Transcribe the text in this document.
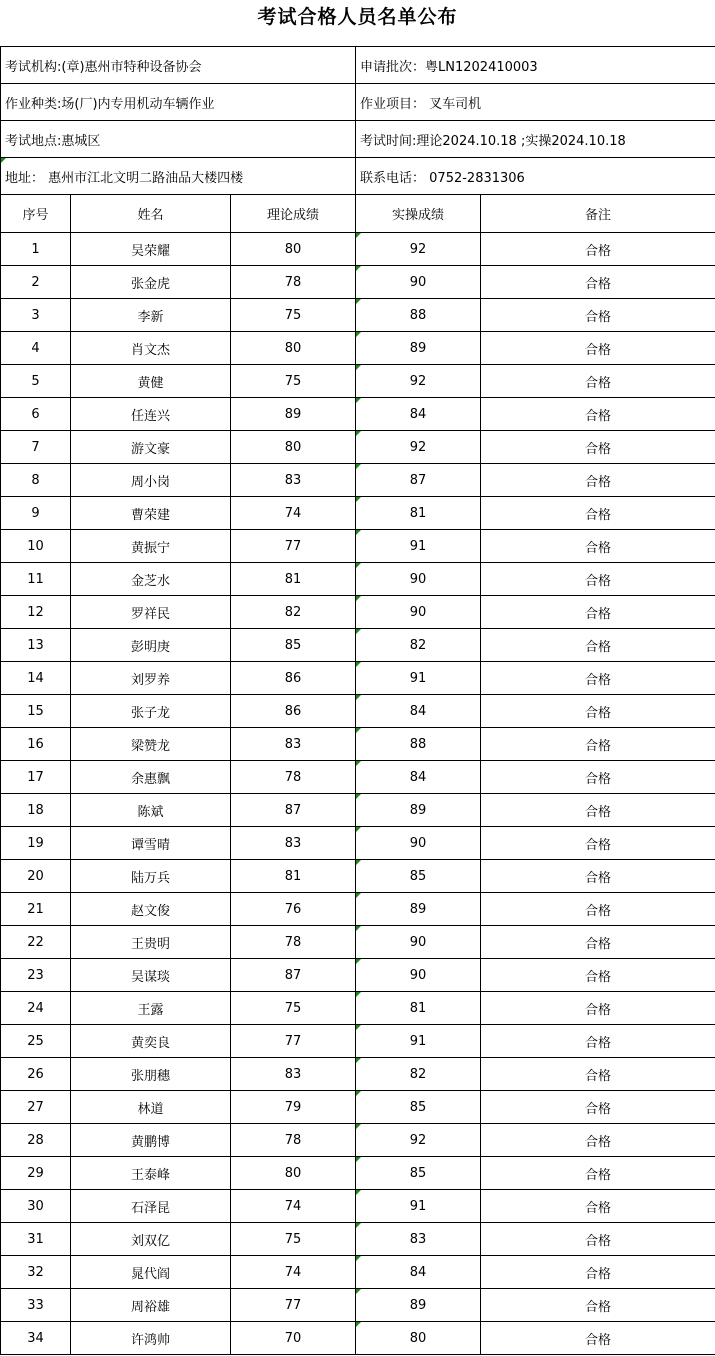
考试合格人员名单公布
考试机构:(章)惠州市特种设备协会			申请批次：粤LN1202410003	
作业种类:场(厂)内专用机动车辆作业			作业项目： 叉车司机	
考试地点:惠城区			考试时间:理论2024.10.18 ;实操2024.10.18	
地址： 惠州市江北文明二路油品大楼四楼			联系电话： 0752-2831306	
序号	姓名	理论成绩	实操成绩	备注
1	吴荣耀	80	92	合格
2	张金虎	78	90	合格
3	李新	75	88	合格
4	肖文杰	80	89	合格
5	黄健	75	92	合格
6	任连兴	89	84	合格
7	游文豪	80	92	合格
8	周小岗	83	87	合格
9	曹荣建	74	81	合格
10	黄振宁	77	91	合格
11	金芝水	81	90	合格
12	罗祥民	82	90	合格
13	彭明庚	85	82	合格
14	刘罗养	86	91	合格
15	张子龙	86	84	合格
16	梁赞龙	83	88	合格
17	余惠飘	78	84	合格
18	陈斌	87	89	合格
19	谭雪晴	83	90	合格
20	陆万兵	81	85	合格
21	赵文俊	76	89	合格
22	王贵明	78	90	合格
23	吴谋琰	87	90	合格
24	王露	75	81	合格
25	黄奕良	77	91	合格
26	张朋穗	83	82	合格
27	林道	79	85	合格
28	黄鹏博	78	92	合格
29	王泰峰	80	85	合格
30	石泽昆	74	91	合格
31	刘双亿	75	83	合格
32	晁代阎	74	84	合格
33	周裕雄	77	89	合格
34	许鸿帅	70	80	合格
